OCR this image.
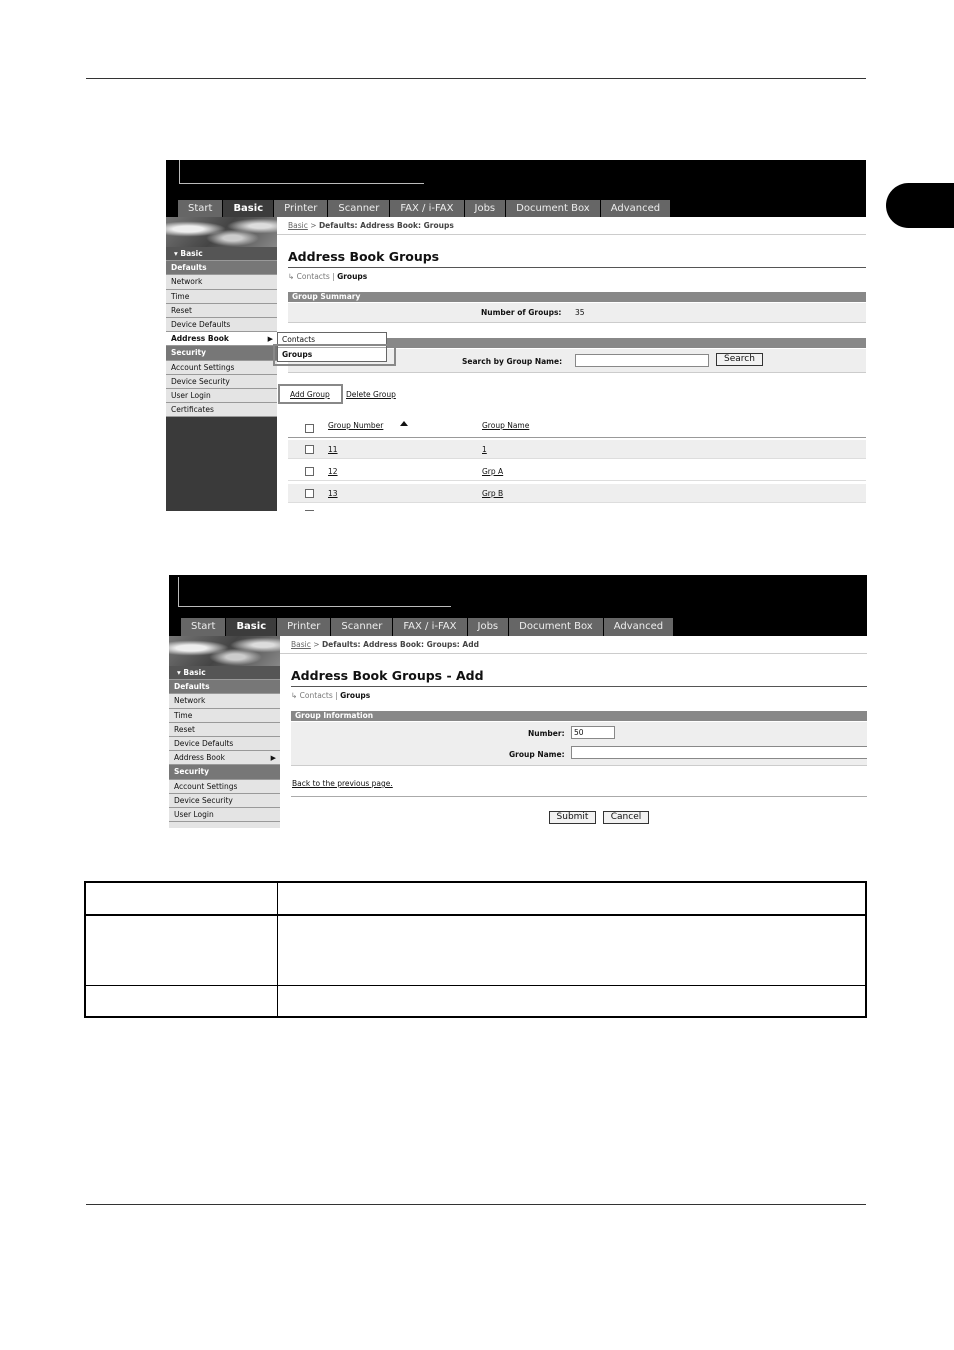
Start	Basic	Printer	Scanner	FAX / i-FAX	Jobs	Document Box	Advanced
▾ Basic
Defaults
Network
Time
Reset
Device Defaults
Address Book	▶
Security
Account Settings
Device Security
User Login
Certificates
Basic > Defaults: Address Book: Groups
Address Book Groups
↳ Contacts | Groups
Group Summary
Number of Groups: 35
Search by Group Name:	Search
Add Group Delete Group
Group Number	Group Name
11	1
12	Grp A
13	Grp B
Contacts
Groups
Start	Basic	Printer	Scanner	FAX / i-FAX	Jobs	Document Box	Advanced
▾ Basic
Defaults
Network
Time
Reset
Device Defaults
Address Book	▶
Security
Account Settings
Device Security
User Login
Basic > Defaults: Address Book: Groups: Add
Address Book Groups - Add
↳ Contacts | Groups
Group Information
Number:	50
Group Name:
Back to the previous page.
Submit	Cancel
